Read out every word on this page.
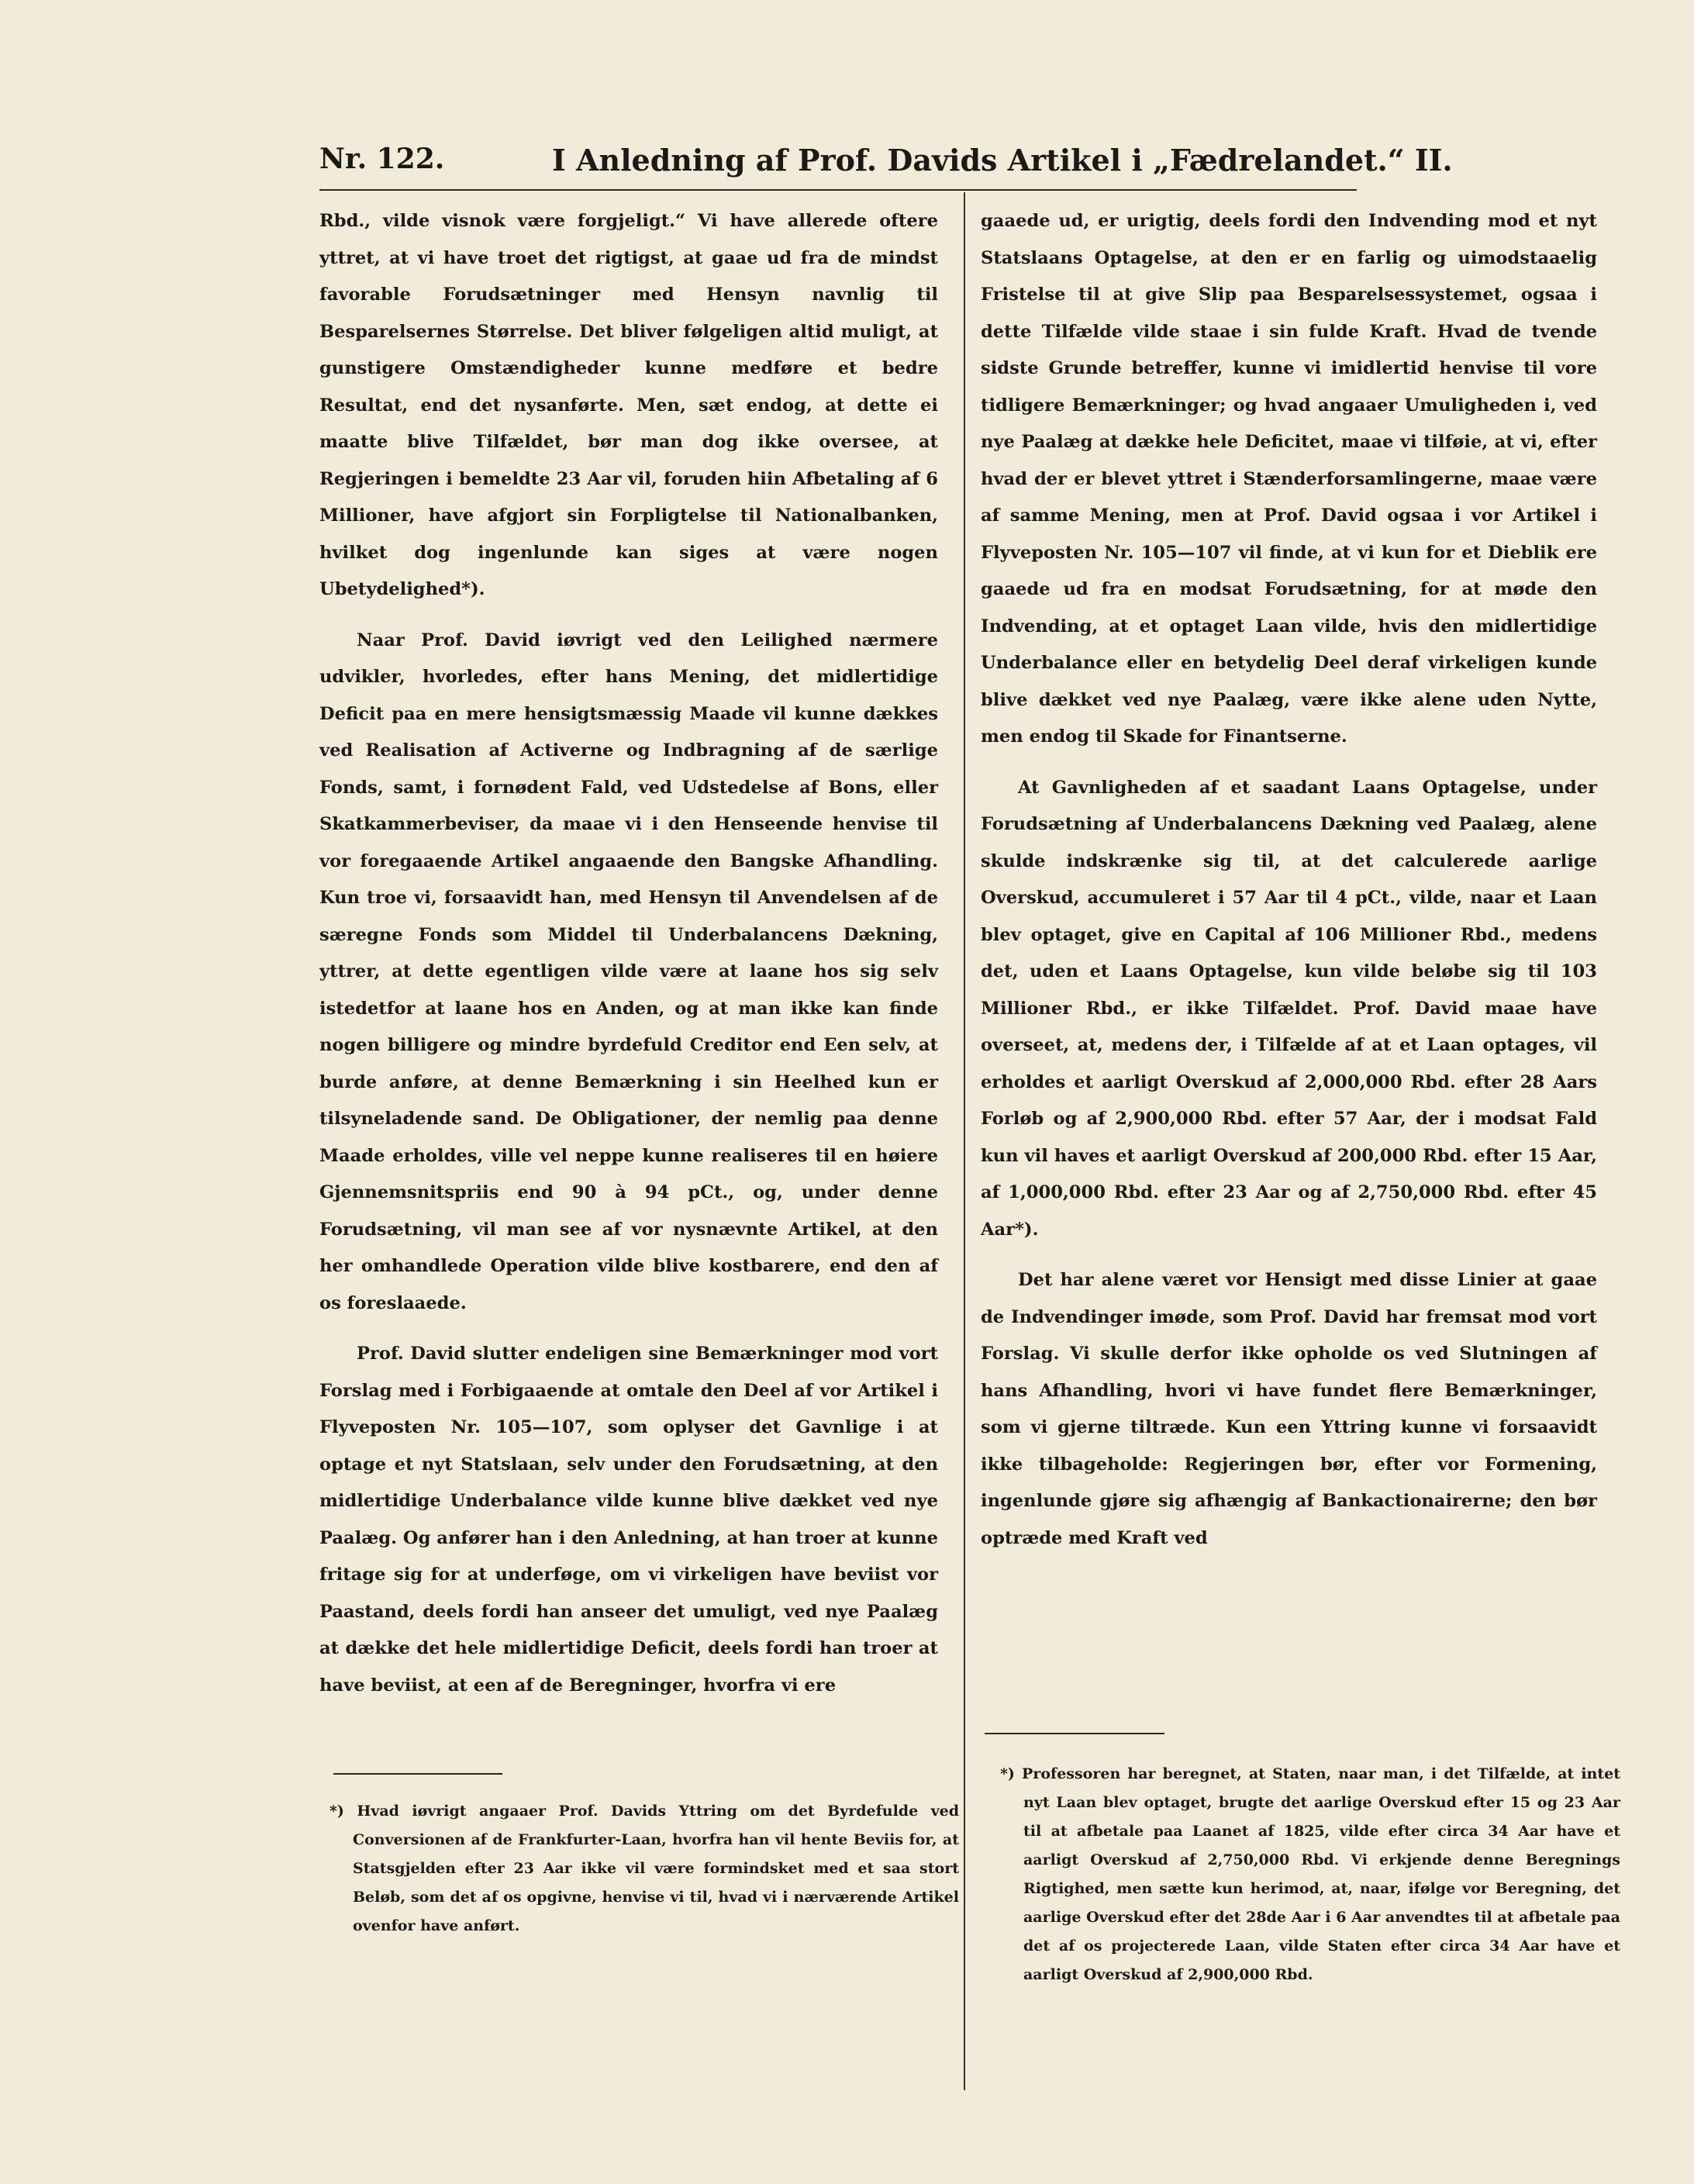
Nr. 122.	I Anledning af Prof. Davids Artikel i „Fædrelandet.“ II.

Rbd., vilde visnok være forgjeligt.“ Vi have allerede oftere yttret, at vi have troet det rigtigst, at gaae ud fra de mindst favorable Forudsætninger med Hensyn navnlig til Besparelsernes Størrelse. Det bliver følgeligen altid muligt, at gunstigere Omstændigheder kunne medføre et bedre Resultat, end det nysanførte. Men, sæt endog, at dette ei maatte blive Tilfældet, bør man dog ikke oversee, at Regjeringen i bemeldte 23 Aar vil, foruden hiin Afbetaling af 6 Millioner, have afgjort sin Forpligtelse til Nationalbanken, hvilket dog ingenlunde kan siges at være nogen Ubetydelighed*).

Naar Prof. David iøvrigt ved den Leilighed nærmere udvikler, hvorledes, efter hans Mening, det midlertidige Deficit paa en mere hensigtsmæssig Maade vil kunne dækkes ved Realisation af Activerne og Indbragning af de særlige Fonds, samt, i fornødent Fald, ved Udstedelse af Bons, eller Skatkammerbeviser, da maae vi i den Henseende henvise til vor foregaaende Artikel angaaende den Bangske Afhandling. Kun troe vi, forsaavidt han, med Hensyn til Anvendelsen af de særegne Fonds som Middel til Underbalancens Dækning, yttrer, at dette egentligen vilde være at laane hos sig selv istedetfor at laane hos en Anden, og at man ikke kan finde nogen billigere og mindre byrdefuld Creditor end Een selv, at burde anføre, at denne Bemærkning i sin Heelhed kun er tilsyneladende sand. De Obligationer, der nemlig paa denne Maade erholdes, ville vel neppe kunne realiseres til en høiere Gjennemsnitspriis end 90 à 94 pCt., og, under denne Forudsætning, vil man see af vor nysnævnte Artikel, at den her omhandlede Operation vilde blive kostbarere, end den af os foreslaaede.

Prof. David slutter endeligen sine Bemærkninger mod vort Forslag med i Forbigaaende at omtale den Deel af vor Artikel i Flyveposten Nr. 105—107, som oplyser det Gavnlige i at optage et nyt Statslaan, selv under den Forudsætning, at den midlertidige Underbalance vilde kunne blive dækket ved nye Paalæg. Og anfører han i den Anledning, at han troer at kunne fritage sig for at underføge, om vi virkeligen have beviist vor Paastand, deels fordi han anseer det umuligt, ved nye Paalæg at dække det hele midlertidige Deficit, deels fordi han troer at have beviist, at een af de Beregninger, hvorfra vi ere

*) Hvad iøvrigt angaaer Prof. Davids Yttring om det Byrdefulde ved Conversionen af de Frankfurter-Laan, hvorfra han vil hente Beviis for, at Statsgjelden efter 23 Aar ikke vil være formindsket med et saa stort Beløb, som det af os opgivne, henvise vi til, hvad vi i nærværende Artikel ovenfor have anført.

gaaede ud, er urigtig, deels fordi den Indvending mod et nyt Statslaans Optagelse, at den er en farlig og uimodstaaelig Fristelse til at give Slip paa Besparelsessystemet, ogsaa i dette Tilfælde vilde staae i sin fulde Kraft. Hvad de tvende sidste Grunde betreffer, kunne vi imidlertid henvise til vore tidligere Bemærkninger; og hvad angaaer Umuligheden i, ved nye Paalæg at dække hele Deficitet, maae vi tilføie, at vi, efter hvad der er blevet yttret i Stænderforsamlingerne, maae være af samme Mening, men at Prof. David ogsaa i vor Artikel i Flyveposten Nr. 105—107 vil finde, at vi kun for et Dieblik ere gaaede ud fra en modsat Forudsætning, for at møde den Indvending, at et optaget Laan vilde, hvis den midlertidige Underbalance eller en betydelig Deel deraf virkeligen kunde blive dækket ved nye Paalæg, være ikke alene uden Nytte, men endog til Skade for Finantserne.

At Gavnligheden af et saadant Laans Optagelse, under Forudsætning af Underbalancens Dækning ved Paalæg, alene skulde indskrænke sig til, at det calculerede aarlige Overskud, accumuleret i 57 Aar til 4 pCt., vilde, naar et Laan blev optaget, give en Capital af 106 Millioner Rbd., medens det, uden et Laans Optagelse, kun vilde beløbe sig til 103 Millioner Rbd., er ikke Tilfældet. Prof. David maae have overseet, at, medens der, i Tilfælde af at et Laan optages, vil erholdes et aarligt Overskud af 2,000,000 Rbd. efter 28 Aars Forløb og af 2,900,000 Rbd. efter 57 Aar, der i modsat Fald kun vil haves et aarligt Overskud af 200,000 Rbd. efter 15 Aar, af 1,000,000 Rbd. efter 23 Aar og af 2,750,000 Rbd. efter 45 Aar*).

Det har alene været vor Hensigt med disse Linier at gaae de Indvendinger imøde, som Prof. David har fremsat mod vort Forslag. Vi skulle derfor ikke opholde os ved Slutningen af hans Afhandling, hvori vi have fundet flere Bemærkninger, som vi gjerne tiltræde. Kun een Yttring kunne vi forsaavidt ikke tilbageholde: Regjeringen bør, efter vor Formening, ingenlunde gjøre sig afhængig af Bankactionairerne; den bør optræde med Kraft ved

*) Professoren har beregnet, at Staten, naar man, i det Tilfælde, at intet nyt Laan blev optaget, brugte det aarlige Overskud efter 15 og 23 Aar til at afbetale paa Laanet af 1825, vilde efter circa 34 Aar have et aarligt Overskud af 2,750,000 Rbd. Vi erkjende denne Beregnings Rigtighed, men sætte kun herimod, at, naar, ifølge vor Beregning, det aarlige Overskud efter det 28de Aar i 6 Aar anvendtes til at afbetale paa det af os projecterede Laan, vilde Staten efter circa 34 Aar have et aarligt Overskud af 2,900,000 Rbd.
